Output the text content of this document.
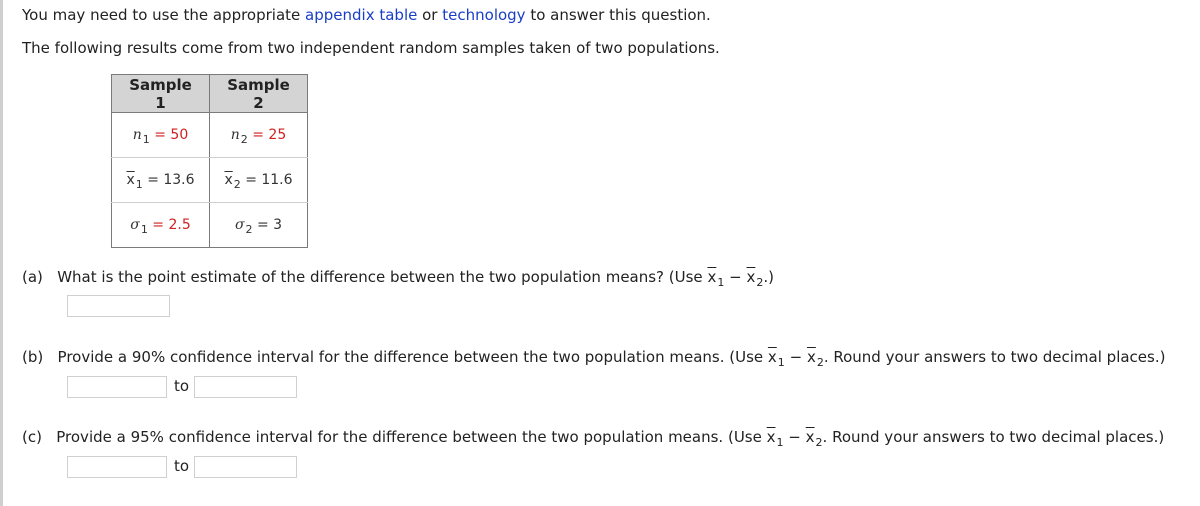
You may need to use the appropriate appendix table or technology to answer this question.
The following results come from two independent random samples taken of two populations.
Sample 1	Sample 2
$n_1 = 50$	$n_2 = 25$
$\overline{x}_1 = 13.6$	$\overline{x}_2 = 11.6$
$\sigma_1 = 2.5$	$\sigma_2 = 3$
(a) What is the point estimate of the difference between the two population means? (Use $\overline{x}_1 - \overline{x}_2$.)
(b) Provide a 90% confidence interval for the difference between the two population means. (Use $\overline{x}_1 - \overline{x}_2$. Round your answers to two decimal places.)
to
(c) Provide a 95% confidence interval for the difference between the two population means. (Use $\overline{x}_1 - \overline{x}_2$. Round your answers to two decimal places.)
to
